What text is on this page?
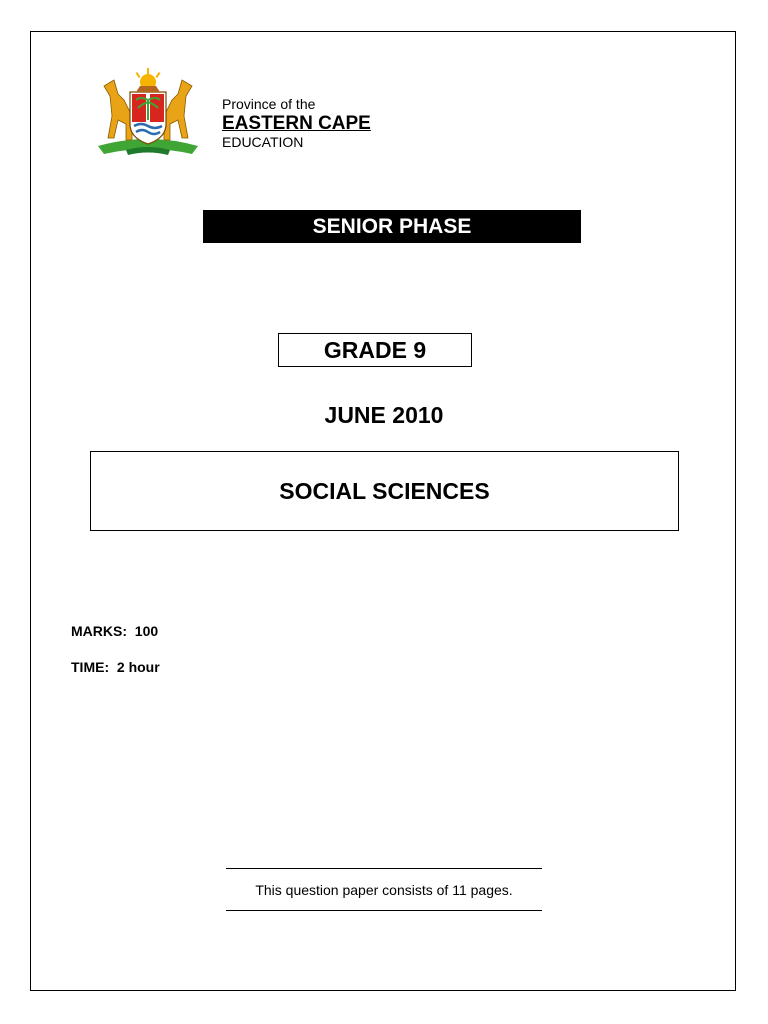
Province of the
EASTERN CAPE
EDUCATION
SENIOR PHASE
GRADE 9
JUNE 2010
SOCIAL SCIENCES
MARKS: 100
TIME: 2 hour
This question paper consists of 11 pages.
